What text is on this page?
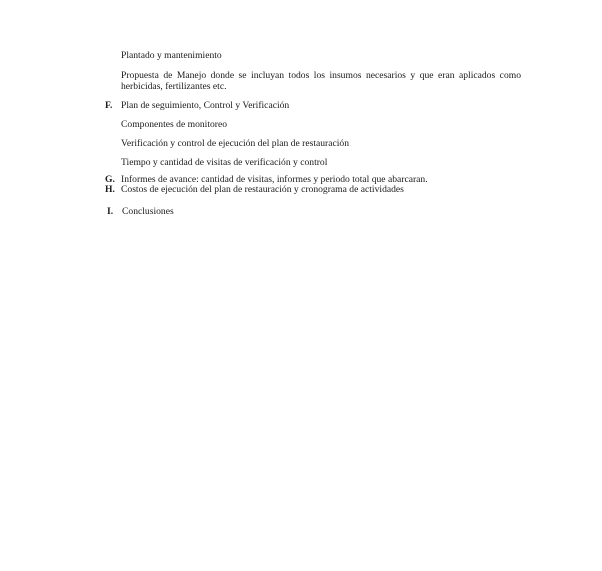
Plantado y mantenimiento
Propuesta de Manejo donde se incluyan todos los insumos necesarios y que eran aplicados como herbicidas, fertilizantes etc.
F. Plan de seguimiento, Control y Verificación
Componentes de monitoreo
Verificación y control de ejecución del plan de restauración
Tiempo y cantidad de visitas de verificación y control
G. Informes de avance: cantidad de visitas, informes y periodo total que abarcaran.
H. Costos de ejecución del plan de restauración y cronograma de actividades
I. Conclusiones
